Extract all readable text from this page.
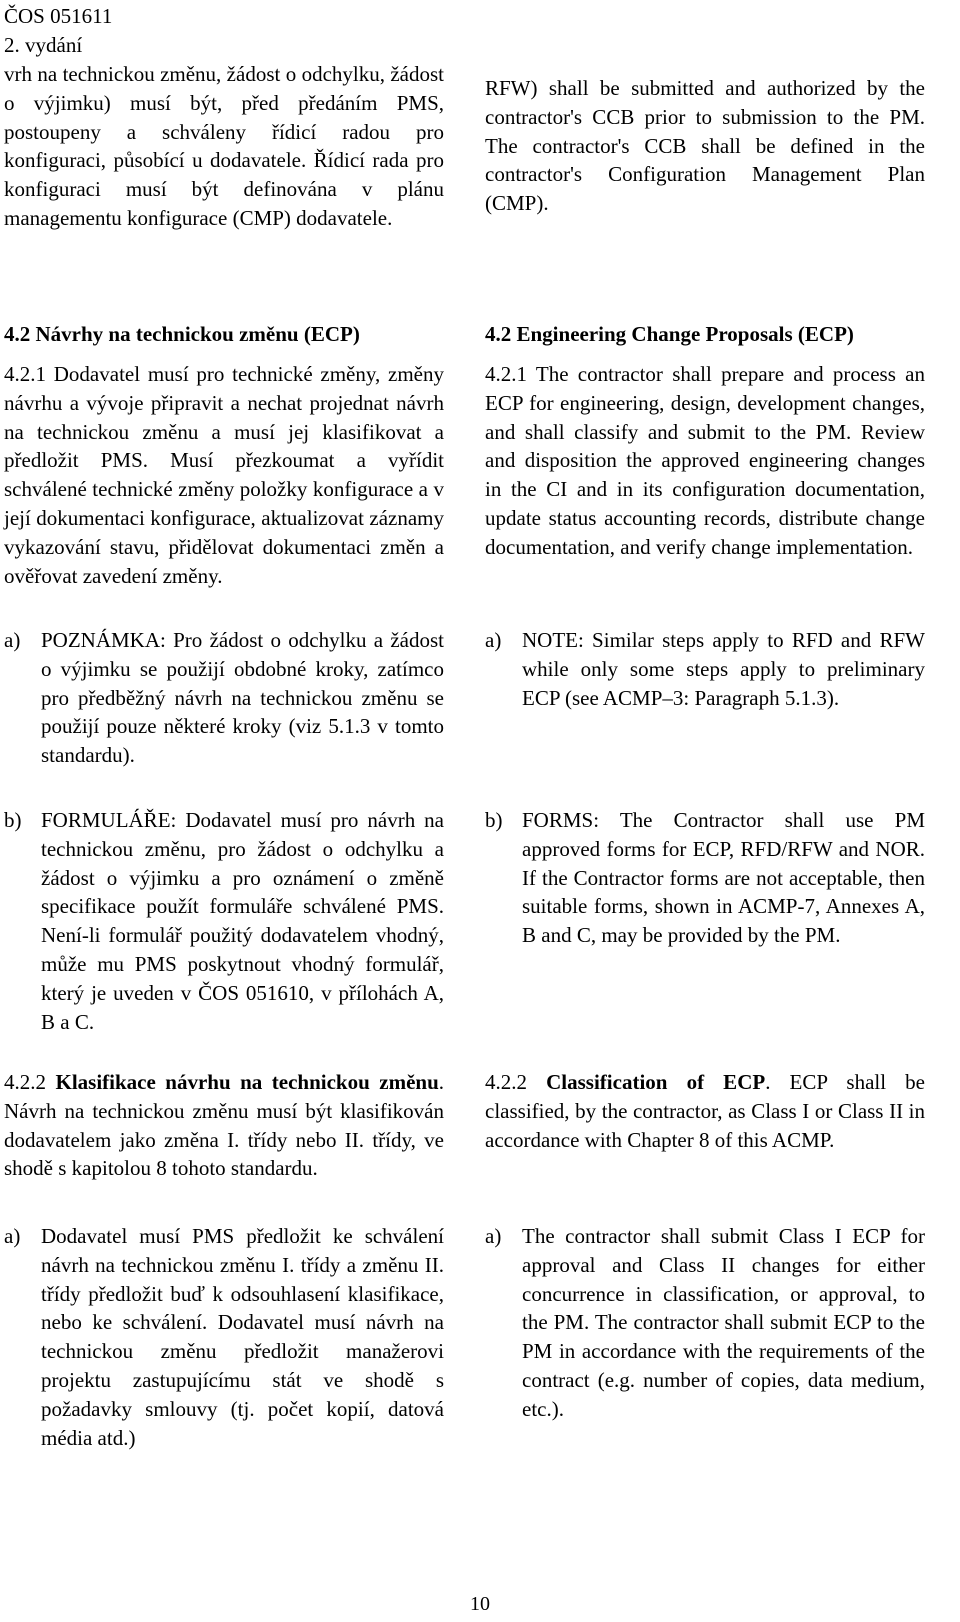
ČOS 051611
2. vydání

vrh na technickou změnu, žádost o odchylku, žádost o výjimku) musí být, před předáním PMS, postoupeny a schváleny řídicí radou pro konfiguraci, působící u dodavatele. Řídicí rada pro konfiguraci musí být definována v plánu managementu konfigurace (CMP) dodavatele.

RFW) shall be submitted and authorized by the contractor's CCB prior to submission to the PM. The contractor's CCB shall be defined in the contractor's Configuration Management Plan (CMP).

4.2 Návrhy na technickou změnu (ECP)	4.2 Engineering Change Proposals (ECP)

4.2.1 Dodavatel musí pro technické změny, změny návrhu a vývoje připravit a nechat projednat návrh na technickou změnu a musí jej klasifikovat a předložit PMS. Musí přezkoumat a vyřídit schválené technické změny položky konfigurace a v její dokumentaci konfigurace, aktualizovat záznamy vykazování stavu, přidělovat dokumentaci změn a ověřovat zavedení změny.

4.2.1 The contractor shall prepare and process an ECP for engineering, design, development changes, and shall classify and submit to the PM. Review and disposition the approved engineering changes in the CI and in its configuration documentation, update status accounting records, distribute change documentation, and verify change implementation.

a) POZNÁMKA: Pro žádost o odchylku a žádost o výjimku se použijí obdobné kroky, zatímco pro předběžný návrh na technickou změnu se použijí pouze některé kroky (viz 5.1.3 v tomto standardu).
a) NOTE: Similar steps apply to RFD and RFW while only some steps apply to preliminary ECP (see ACMP–3: Paragraph 5.1.3).
b) FORMULÁŘE: Dodavatel musí pro návrh na technickou změnu, pro žádost o odchylku a žádost o výjimku a pro oznámení o změně specifikace použít formuláře schválené PMS. Není-li formulář použitý dodavatelem vhodný, může mu PMS poskytnout vhodný formulář, který je uveden v ČOS 051610, v přílohách A, B a C.
b) FORMS: The Contractor shall use PM approved forms for ECP, RFD/RFW and NOR. If the Contractor forms are not acceptable, then suitable forms, shown in ACMP-7, Annexes A, B and C, may be provided by the PM.

4.2.2 Klasifikace návrhu na technickou změnu. Návrh na technickou změnu musí být klasifikován dodavatelem jako změna I. třídy nebo II. třídy, ve shodě s kapitolou 8 tohoto standardu.

4.2.2 Classification of ECP. ECP shall be classified, by the contractor, as Class I or Class II in accordance with Chapter 8 of this ACMP.

a) Dodavatel musí PMS předložit ke schválení návrh na technickou změnu I. třídy a změnu II. třídy předložit buď k odsouhlasení klasifikace, nebo ke schválení. Dodavatel musí návrh na technickou změnu předložit manažerovi projektu zastupujícímu stát ve shodě s požadavky smlouvy (tj. počet kopií, datová média atd.)
a) The contractor shall submit Class I ECP for approval and Class II changes for either concurrence in classification, or approval, to the PM. The contractor shall submit ECP to the PM in accordance with the requirements of the contract (e.g. number of copies, data medium, etc.).
10
